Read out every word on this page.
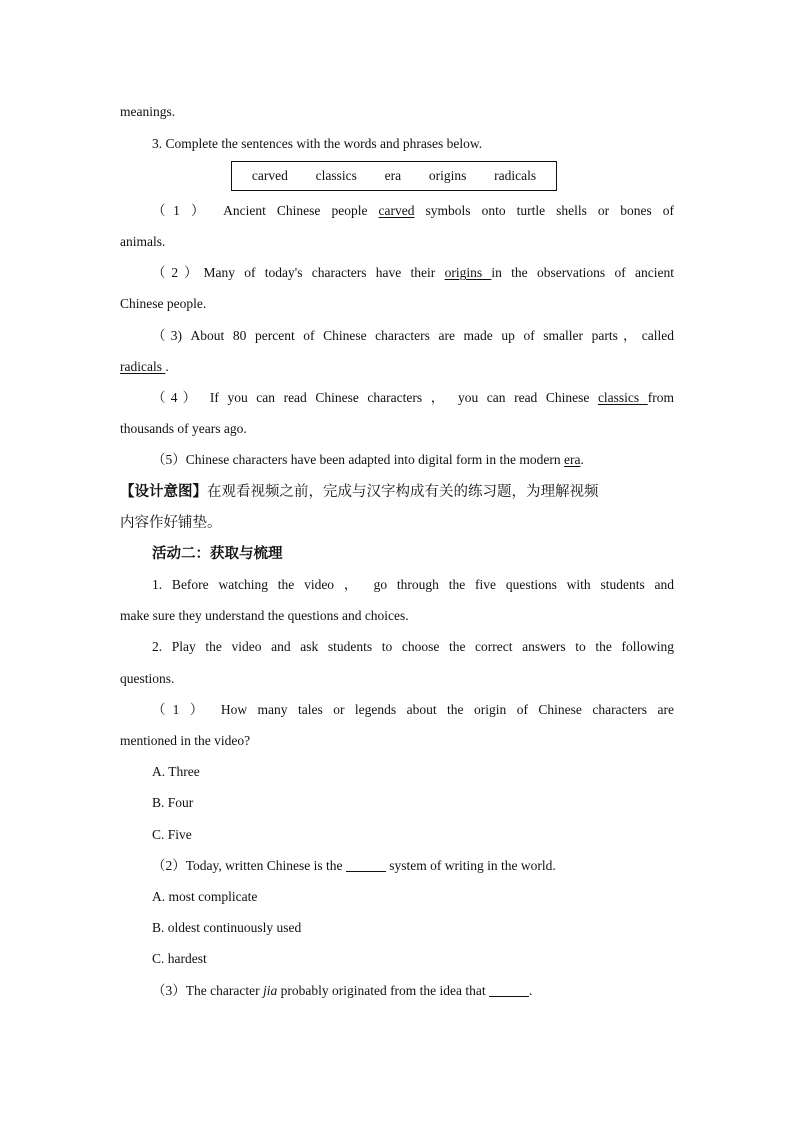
meanings.
3. Complete the sentences with the words and phrases below.
carved classics era origins radicals
（1 ） Ancient Chinese people carved symbols onto turtle shells or bones of
animals.
（2）Many of today's characters have their origins in the observations of ancient
Chinese people.
（3) About 80 percent of Chinese characters are made up of smaller parts，called
radicals .
（4） If you can read Chinese characters ， you can read Chinese classics from
thousands of years ago.
（5）Chinese characters have been adapted into digital form in the modern era.
【设计意图】在观看视频之前，完成与汉字构成有关的练习题，为理解视频
内容作好铺垫。
活动二：获取与梳理
1. Before watching the video ， go through the five questions with students and
make sure they understand the questions and choices.
2. Play the video and ask students to choose the correct answers to the following
questions.
（1 ） How many tales or legends about the origin of Chinese characters are
mentioned in the video?
A. Three
B. Four
C. Five
（2）Today, written Chinese is the	system of writing in the world.
A. most complicate
B. oldest continuously used
C. hardest
（3）The character jia probably originated from the idea that	.
